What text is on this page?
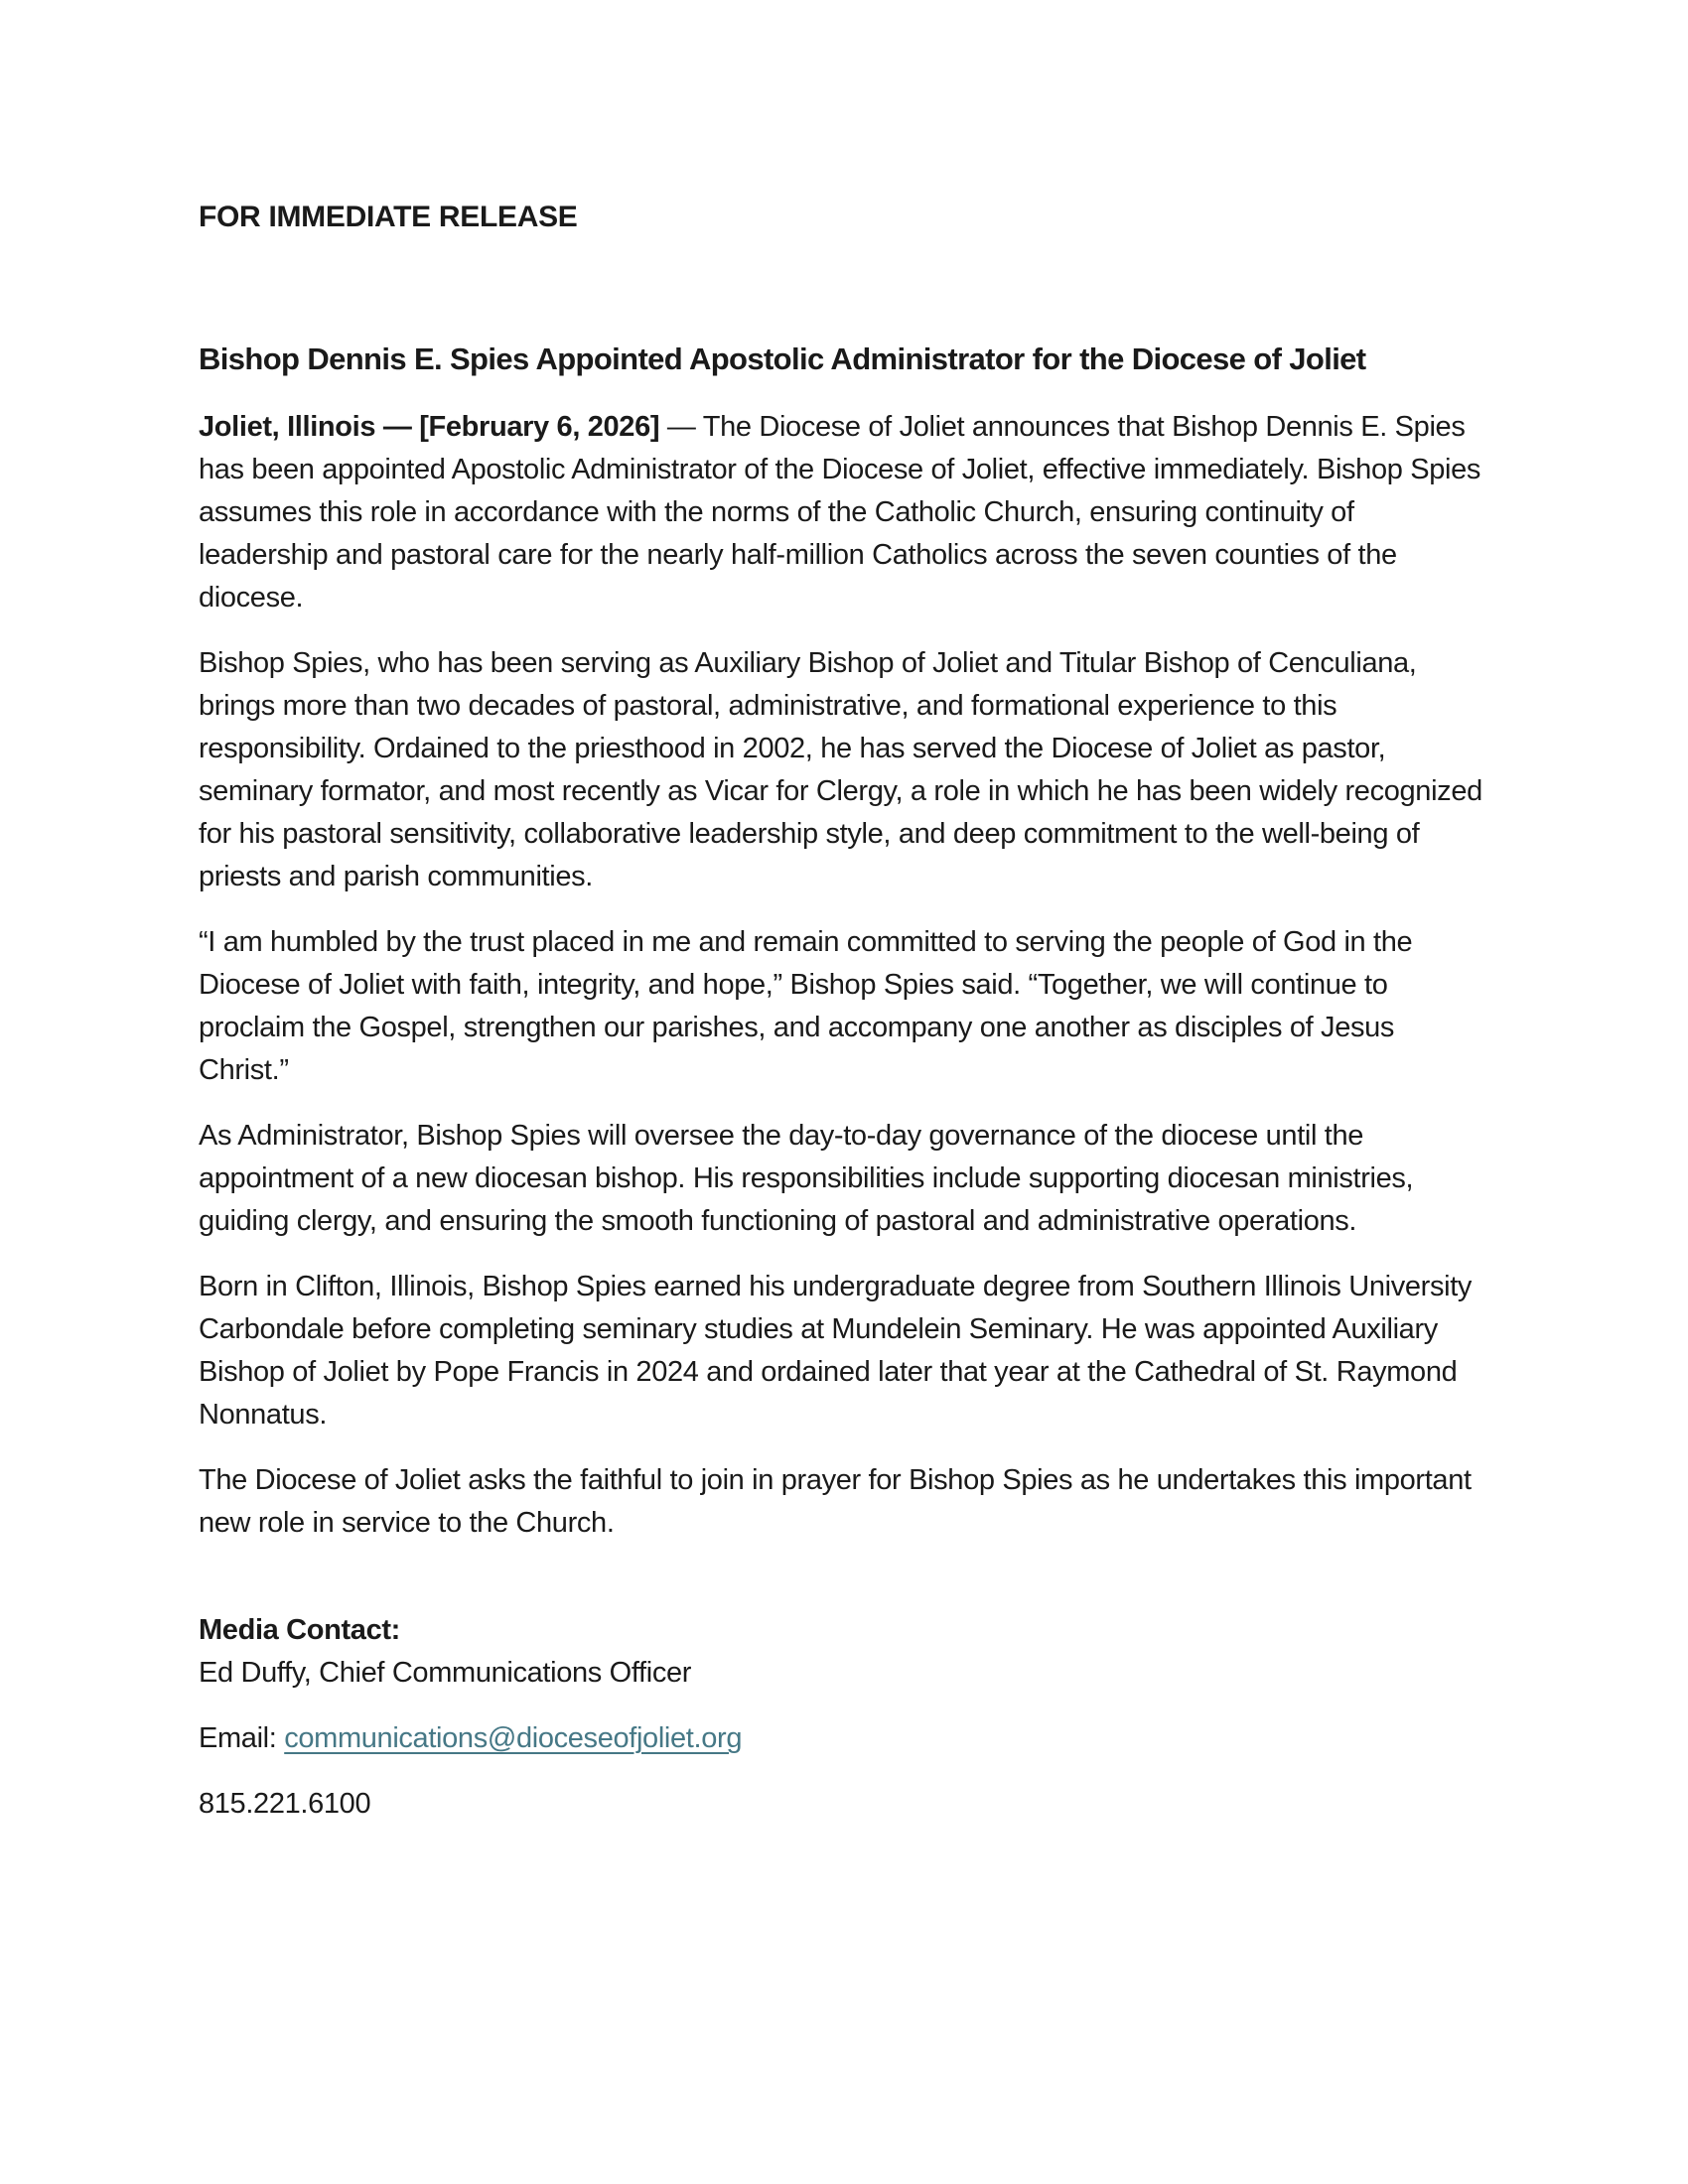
FOR IMMEDIATE RELEASE

Bishop Dennis E. Spies Appointed Apostolic Administrator for the Diocese of Joliet

Joliet, Illinois — [February 6, 2026] — The Diocese of Joliet announces that Bishop Dennis E. Spies has been appointed Apostolic Administrator of the Diocese of Joliet, effective immediately. Bishop Spies assumes this role in accordance with the norms of the Catholic Church, ensuring continuity of leadership and pastoral care for the nearly half-million Catholics across the seven counties of the diocese.

Bishop Spies, who has been serving as Auxiliary Bishop of Joliet and Titular Bishop of Cenculiana, brings more than two decades of pastoral, administrative, and formational experience to this responsibility. Ordained to the priesthood in 2002, he has served the Diocese of Joliet as pastor, seminary formator, and most recently as Vicar for Clergy, a role in which he has been widely recognized for his pastoral sensitivity, collaborative leadership style, and deep commitment to the well-being of priests and parish communities.

“I am humbled by the trust placed in me and remain committed to serving the people of God in the Diocese of Joliet with faith, integrity, and hope,” Bishop Spies said. “Together, we will continue to proclaim the Gospel, strengthen our parishes, and accompany one another as disciples of Jesus Christ.”

As Administrator, Bishop Spies will oversee the day-to-day governance of the diocese until the appointment of a new diocesan bishop. His responsibilities include supporting diocesan ministries, guiding clergy, and ensuring the smooth functioning of pastoral and administrative operations.

Born in Clifton, Illinois, Bishop Spies earned his undergraduate degree from Southern Illinois University Carbondale before completing seminary studies at Mundelein Seminary. He was appointed Auxiliary Bishop of Joliet by Pope Francis in 2024 and ordained later that year at the Cathedral of St. Raymond Nonnatus.

The Diocese of Joliet asks the faithful to join in prayer for Bishop Spies as he undertakes this important new role in service to the Church.

Media Contact:
Ed Duffy, Chief Communications Officer

Email: communications@dioceseofjoliet.org

815.221.6100
